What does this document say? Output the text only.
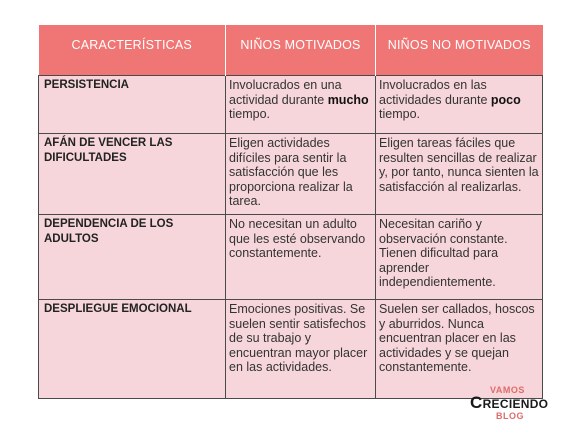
CARACTERÍSTICAS	NIÑOS MOTIVADOS	NIÑOS NO MOTIVADOS
PERSISTENCIA	Involucrados en una actividad durante mucho tiempo.	Involucrados en las actividades durante poco tiempo.
AFÁN DE VENCER LAS DIFICULTADES	Eligen actividades difíciles para sentir la satisfacción que les proporciona realizar la tarea.	Eligen tareas fáciles que resulten sencillas de realizar y, por tanto, nunca sienten la satisfacción al realizarlas.
DEPENDENCIA DE LOS ADULTOS	No necesitan un adulto que les esté observando constantemente.	Necesitan cariño y observación constante. Tienen dificultad para aprender independientemente.
DESPLIEGUE EMOCIONAL	Emociones positivas. Se suelen sentir satisfechos de su trabajo y encuentran mayor placer en las actividades.	Suelen ser callados, hoscos y aburridos. Nunca encuentran placer en las actividades y se quejan constantemente.
VAMOS
CRECIENDO
BLOG
